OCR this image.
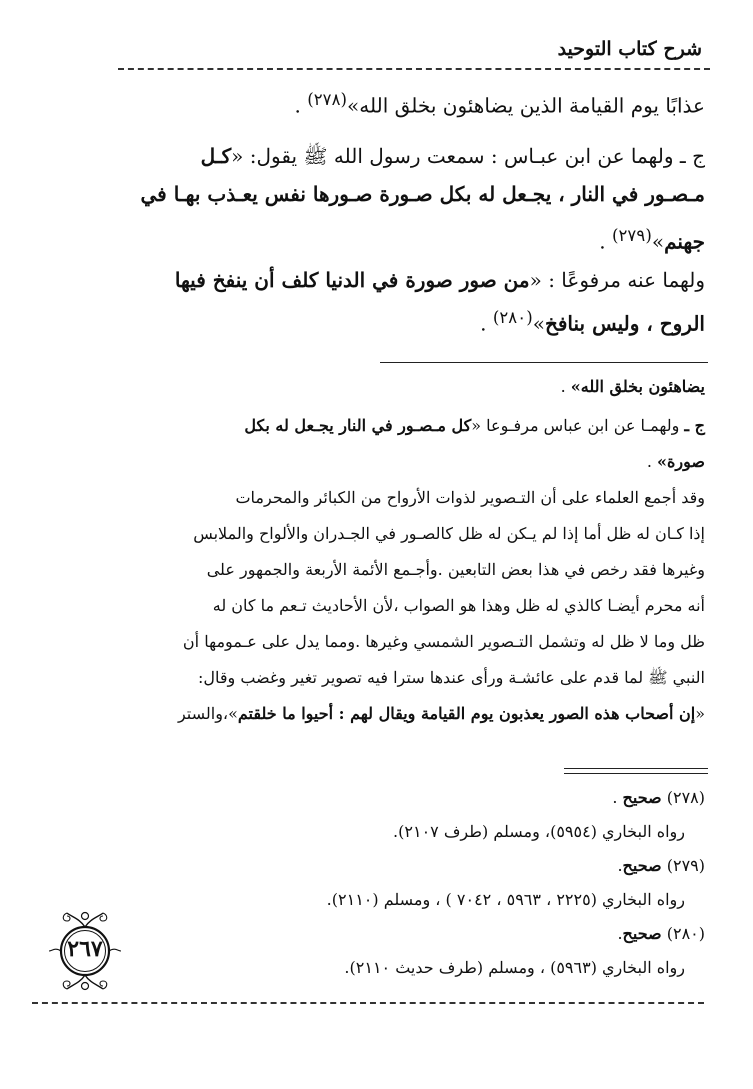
شرح كتاب التوحيد
عذابًا يوم القيامة الذين يضاهئون بخلق الله»$^{(٢٧٨)}$ .
ج ـ ولهما عن ابن عبـاس : سمعت رسول الله ﷺ يقول: «كـل
مـصـور في النار ، يجـعل له بكل صـورة صـورها نفس يعـذب بهـا في
جهنم»$^{(٢٧٩)}$ .
ولهما عنه مرفوعًا : «من صور صورة في الدنيا كلف أن ينفخ فيها
الروح ، وليس بنافخ»$^{(٢٨٠)}$ .
يضاهئون بخلق الله» .
ج ـ ولهمـا عن ابن عباس مرفـوعا «كل مـصـور في النار يجـعل له بكل
صورة» .
وقد أجمع العلماء على أن التـصوير لذوات الأرواح من الكبائر والمحرمات
إذا كـان له ظل أما إذا لم يـكن له ظل كالصـور في الجـدران والألواح والملابس
وغيرها فقد رخص في هذا بعض التابعين .وأجـمع الأئمة الأربعة والجمهور على
أنه محرم أيضـا كالذي له ظل وهذا هو الصواب ،لأن الأحاديث تـعم ما كان له
ظل وما لا ظل له وتشمل التـصوير الشمسي وغيرها .ومما يدل على عـمومها أن
النبي ﷺ لما قدم على عائشـة ورأى عندها سترا فيه تصوير تغير وغضب وقال:
«إن أصحاب هذه الصور يعذبون يوم القيامة ويقال لهم : أحيوا ما خلقتم»،والستر
(٢٧٨) صحيح .
رواه البخاري (٥٩٥٤)، ومسلم (طرف ٢١٠٧).
(٢٧٩) صحيح.
رواه البخاري (٢٢٢٥ ، ٥٩٦٣ ، ٧٠٤٢ ) ، ومسلم (٢١١٠).
(٢٨٠) صحيح.
رواه البخاري (٥٩٦٣) ، ومسلم (طرف حديث ٢١١٠).
٢٦٧
